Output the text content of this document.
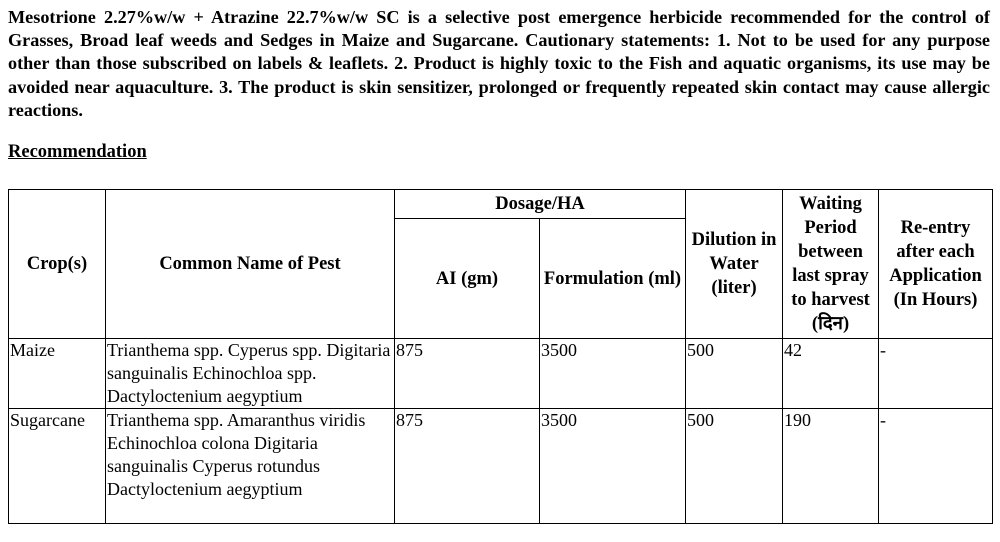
Mesotrione 2.27%w/w + Atrazine 22.7%w/w SC is a selective post emergence herbicide recommended for the control of Grasses, Broad leaf weeds and Sedges in Maize and Sugarcane. Cautionary statements: 1. Not to be used for any purpose other than those subscribed on labels & leaflets. 2. Product is highly toxic to the Fish and aquatic organisms, its use may be avoided near aquaculture. 3. The product is skin sensitizer, prolonged or frequently repeated skin contact may cause allergic reactions.

Recommendation
Crop(s)	Common Name of Pest	Dosage/HA		Dilution in Water (liter)	Waiting Period between last spray to harvest (दिन)	Re-entry after each Application (In Hours)
		AI (gm)	Formulation (ml)			
Maize	Trianthema spp. Cyperus spp. Digitaria sanguinalis Echinochloa spp. Dactyloctenium aegyptium	875	3500	500	42	-
Sugarcane	Trianthema spp. Amaranthus viridis Echinochloa colona Digitaria sanguinalis Cyperus rotundus Dactyloctenium aegyptium	875	3500	500	190	-
